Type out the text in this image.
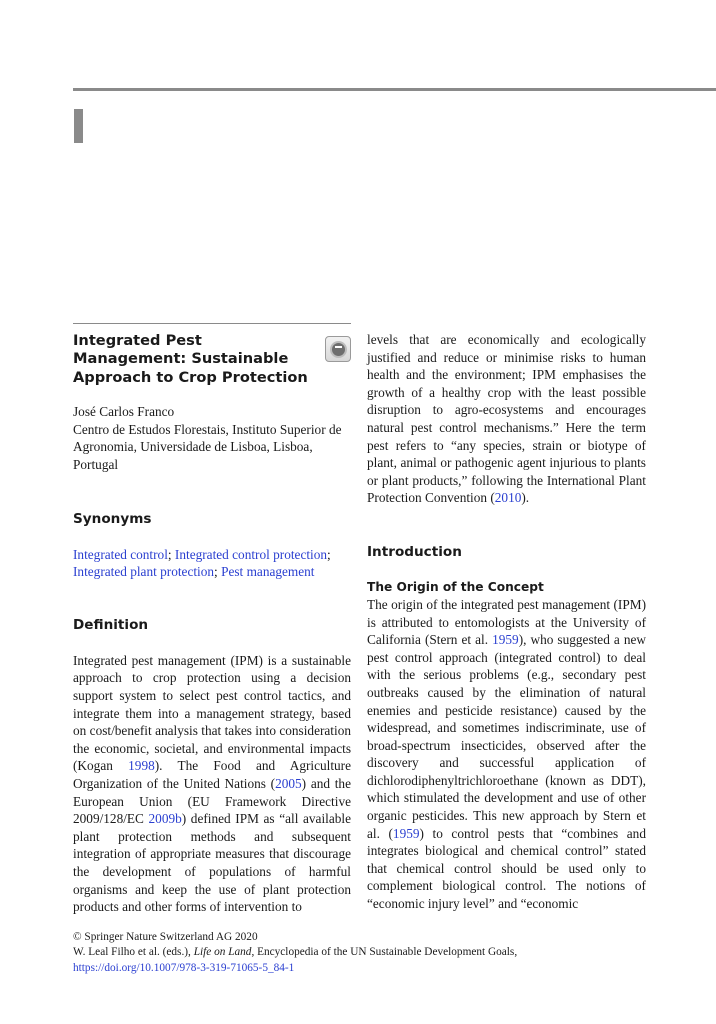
Integrated Pest Management: Sustainable Approach to Crop Protection
José Carlos Franco
Centro de Estudos Florestais, Instituto Superior de Agronomia, Universidade de Lisboa, Lisboa, Portugal
Synonyms

Integrated control; Integrated control protection; Integrated plant protection; Pest management

Definition

Integrated pest management (IPM) is a sustainable approach to crop protection using a decision support system to select pest control tactics, and integrate them into a management strategy, based on cost/benefit analysis that takes into consideration the economic, societal, and environmental impacts (Kogan 1998). The Food and Agriculture Organization of the United Nations (2005) and the European Union (EU Framework Directive 2009/128/EC 2009b) defined IPM as “all available plant protection methods and subsequent integration of appropriate measures that discourage the development of populations of harmful organisms and keep the use of plant protection products and other forms of intervention to

© Springer Nature Switzerland AG 2020
W. Leal Filho et al. (eds.), Life on Land, Encyclopedia of the UN Sustainable Development Goals,
https://doi.org/10.1007/978-3-319-71065-5_84-1

levels that are economically and ecologically justified and reduce or minimise risks to human health and the environment; IPM emphasises the growth of a healthy crop with the least possible disruption to agro-ecosystems and encourages natural pest control mechanisms.” Here the term pest refers to “any species, strain or biotype of plant, animal or pathogenic agent injurious to plants or plant products,” following the International Plant Protection Convention (2010).

Introduction
The Origin of the Concept

The origin of the integrated pest management (IPM) is attributed to entomologists at the University of California (Stern et al. 1959), who suggested a new pest control approach (integrated control) to deal with the serious problems (e.g., secondary pest outbreaks caused by the elimination of natural enemies and pesticide resistance) caused by the widespread, and sometimes indiscriminate, use of broad-spectrum insecticides, observed after the discovery and successful application of dichlorodiphenyltrichloroethane (known as DDT), which stimulated the development and use of other organic pesticides. This new approach by Stern et al. (1959) to control pests that “combines and integrates biological and chemical control” stated that chemical control should be used only to complement biological control. The notions of “economic injury level” and “economic
